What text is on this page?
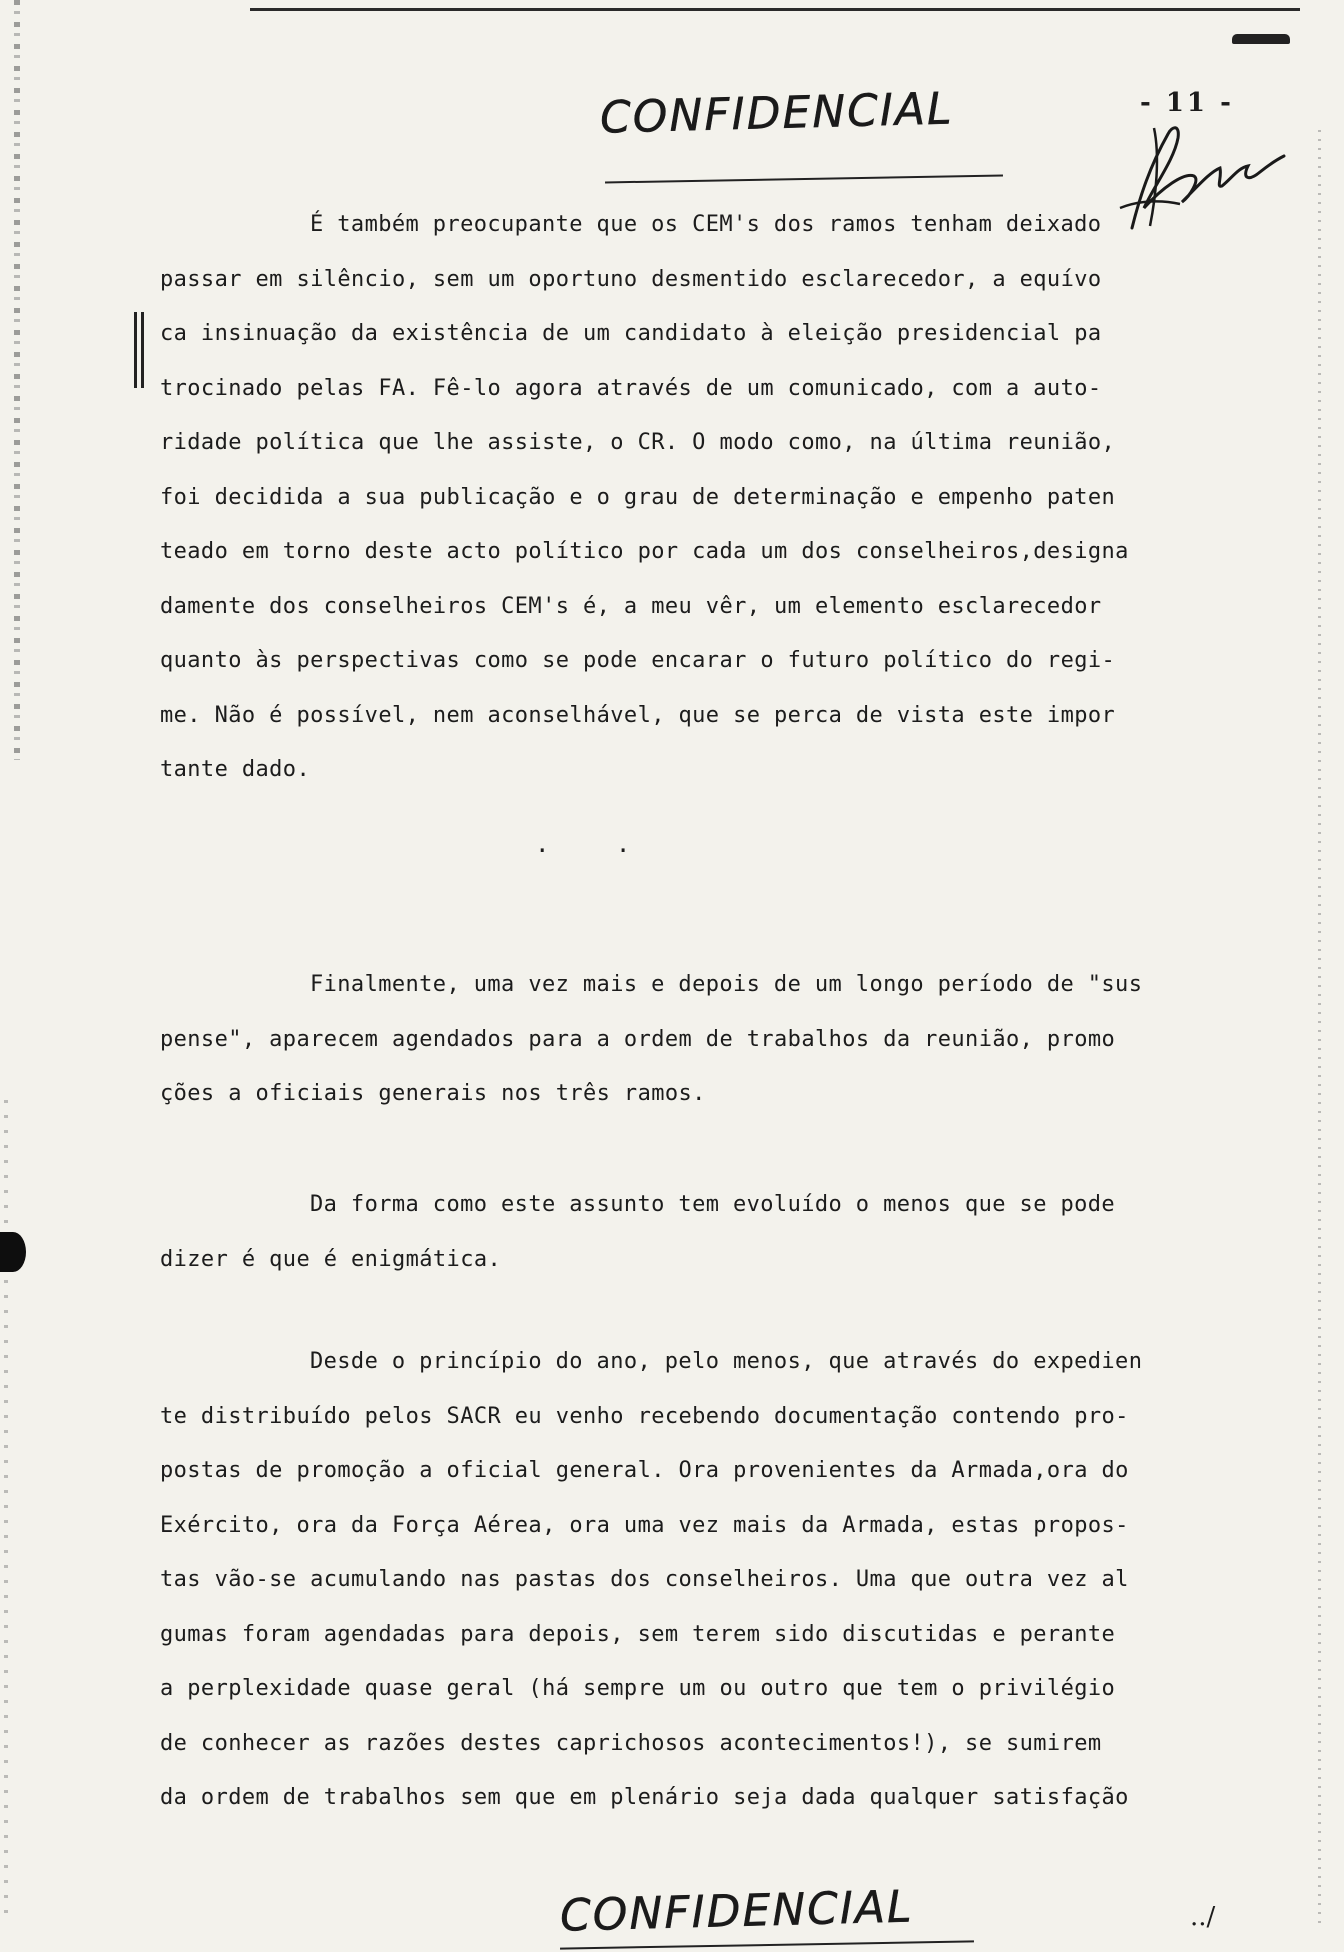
CONFIDENCIAL	- 11 -
É também preocupante que os CEM's dos ramos tenham deixado
passar em silêncio, sem um oportuno desmentido esclarecedor, a equívo
ca insinuação da existência de um candidato à eleição presidencial pa
trocinado pelas FA. Fê-lo agora através de um comunicado, com a auto-
ridade política que lhe assiste, o CR. O modo como, na última reunião,
foi decidida a sua publicação e o grau de determinação e empenho paten
teado em torno deste acto político por cada um dos conselheiros,designa
damente dos conselheiros CEM's é, a meu vêr, um elemento esclarecedor
quanto às perspectivas como se pode encarar o futuro político do regi-
me. Não é possível, nem aconselhável, que se perca de vista este impor
tante dado.
. .
Finalmente, uma vez mais e depois de um longo período de "sus
pense", aparecem agendados para a ordem de trabalhos da reunião, promo
ções a oficiais generais nos três ramos.
Da forma como este assunto tem evoluído o menos que se pode
dizer é que é enigmática.
Desde o princípio do ano, pelo menos, que através do expedien
te distribuído pelos SACR eu venho recebendo documentação contendo pro-
postas de promoção a oficial general. Ora provenientes da Armada,ora do
Exército, ora da Força Aérea, ora uma vez mais da Armada, estas propos-
tas vão-se acumulando nas pastas dos conselheiros. Uma que outra vez al
gumas foram agendadas para depois, sem terem sido discutidas e perante
a perplexidade quase geral (há sempre um ou outro que tem o privilégio
de conhecer as razões destes caprichosos acontecimentos!), se sumirem
da ordem de trabalhos sem que em plenário seja dada qualquer satisfação
CONFIDENCIAL	../
